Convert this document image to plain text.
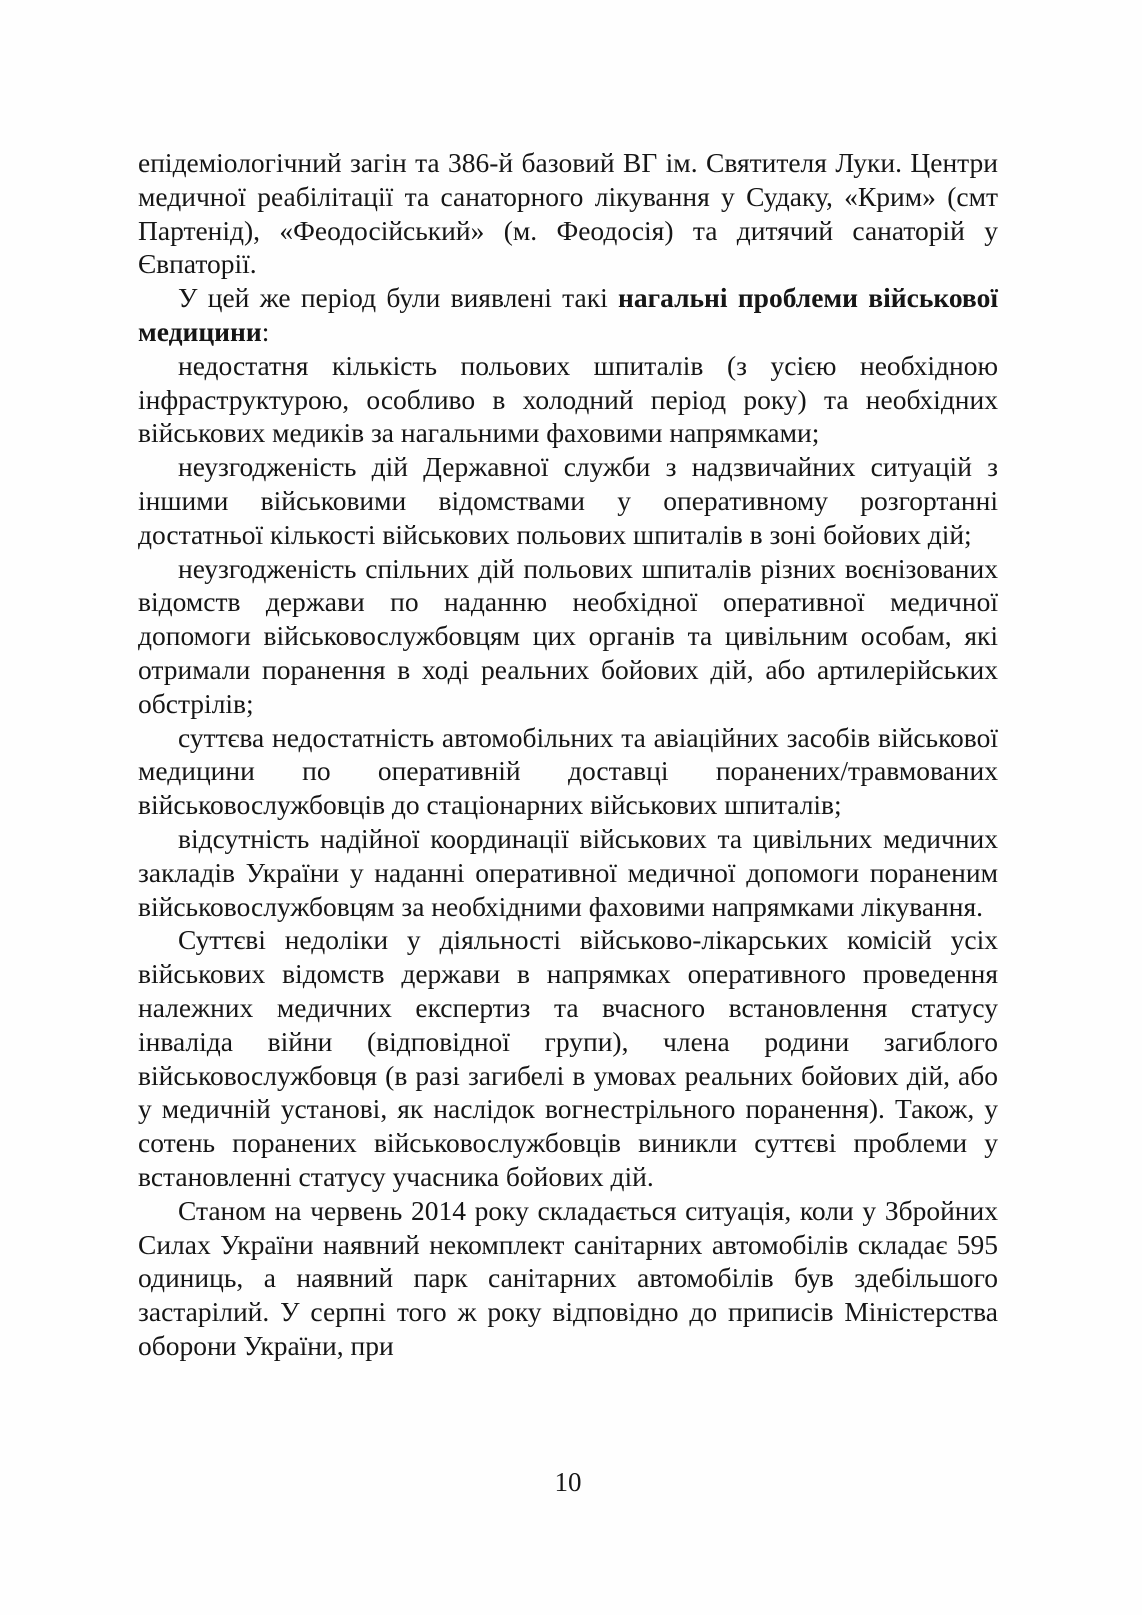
епідеміологічний загін та 386-й базовий ВГ ім. Святителя Луки. Центри медичної реабілітації та санаторного лікування у Судаку, «Крим» (смт Партенід), «Феодосійський» (м. Феодосія) та дитячий санаторій у Євпаторії.

У цей же період були виявлені такі нагальні проблеми військової медицини:

недостатня кількість польових шпиталів (з усією необхідною інфраструктурою, особливо в холодний період року) та необхідних військових медиків за нагальними фаховими напрямками;

неузгодженість дій Державної служби з надзвичайних ситуацій з іншими військовими відомствами у оперативному розгортанні достатньої кількості військових польових шпиталів в зоні бойових дій;

неузгодженість спільних дій польових шпиталів різних воєнізованих відомств держави по наданню необхідної оперативної медичної допомоги військовослужбовцям цих органів та цивільним особам, які отримали поранення в ході реальних бойових дій, або артилерійських обстрілів;

суттєва недостатність автомобільних та авіаційних засобів військової медицини по оперативній доставці поранених/травмованих військовослужбовців до стаціонарних військових шпиталів;

відсутність надійної координації військових та цивільних медичних закладів України у наданні оперативної медичної допомоги пораненим військовослужбовцям за необхідними фаховими напрямками лікування.

Суттєві недоліки у діяльності військово-лікарських комісій усіх військових відомств держави в напрямках оперативного проведення належних медичних експертиз та вчасного встановлення статусу інваліда війни (відповідної групи), члена родини загиблого військовослужбовця (в разі загибелі в умовах реальних бойових дій, або у медичній установі, як наслідок вогнестрільного поранення). Також, у сотень поранених військовослужбовців виникли суттєві проблеми у встановленні статусу учасника бойових дій.

Станом на червень 2014 року складається ситуація, коли у Збройних Силах України наявний некомплект санітарних автомобілів складає 595 одиниць, а наявний парк санітарних автомобілів був здебільшого застарілий. У серпні того ж року відповідно до приписів Міністерства оборони України, при

10
